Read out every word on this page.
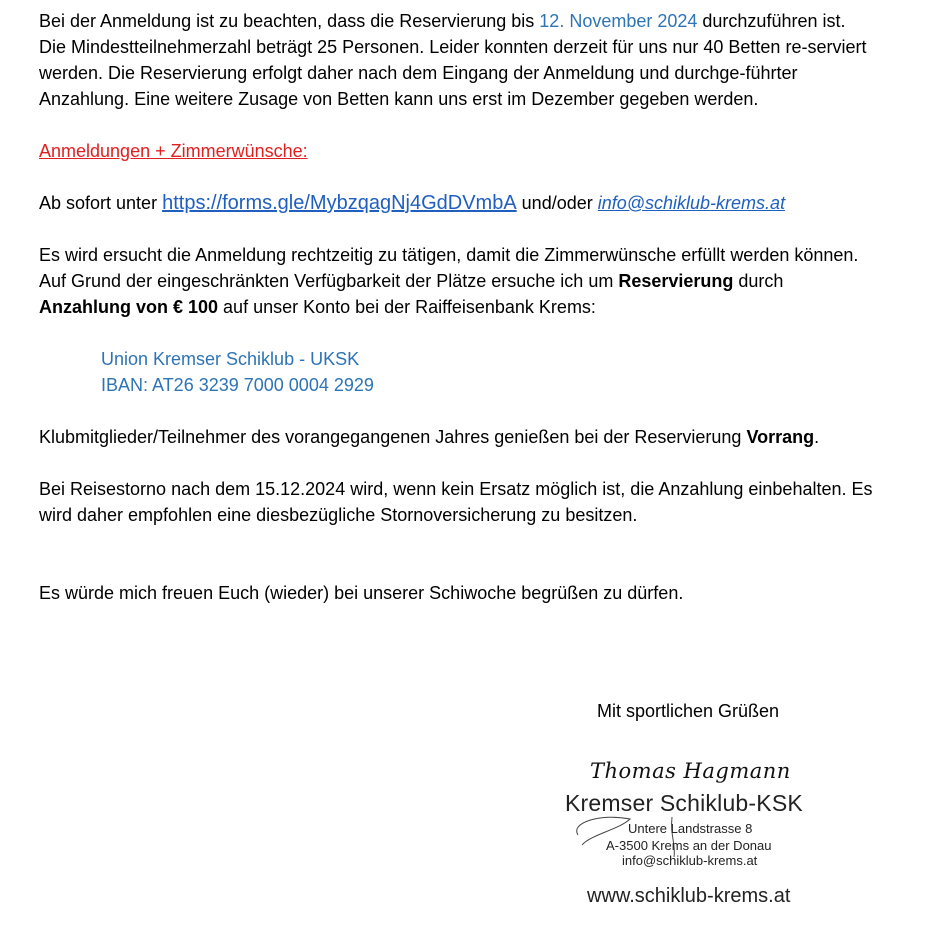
Bei der Anmeldung ist zu beachten, dass die Reservierung bis 12. November 2024 durchzuführen ist.

Die Mindestteilnehmerzahl beträgt 25 Personen. Leider konnten derzeit für uns nur 40 Betten re-serviert werden. Die Reservierung erfolgt daher nach dem Eingang der Anmeldung und durchge-führter Anzahlung. Eine weitere Zusage von Betten kann uns erst im Dezember gegeben werden.

Anmeldungen + Zimmerwünsche:

Ab sofort unter https://forms.gle/MybzqagNj4GdDVmbA und/oder info@schiklub-krems.at

Es wird ersucht die Anmeldung rechtzeitig zu tätigen, damit die Zimmerwünsche erfüllt werden können. Auf Grund der eingeschränkten Verfügbarkeit der Plätze ersuche ich um Reservierung durch Anzahlung von € 100 auf unser Konto bei der Raiffeisenbank Krems:

Union Kremser Schiklub - UKSK

IBAN: AT26 3239 7000 0004 2929

Klubmitglieder/Teilnehmer des vorangegangenen Jahres genießen bei der Reservierung Vorrang.

Bei Reisestorno nach dem 15.12.2024 wird, wenn kein Ersatz möglich ist, die Anzahlung einbehalten. Es wird daher empfohlen eine diesbezügliche Stornoversicherung zu besitzen.

Es würde mich freuen Euch (wieder) bei unserer Schiwoche begrüßen zu dürfen.

Mit sportlichen Grüßen

Thomas Hagmann

Kremser Schiklub-KSK
Untere Landstrasse 8
A-3500 Krems an der Donau
info@schiklub-krems.at
www.schiklub-krems.at
